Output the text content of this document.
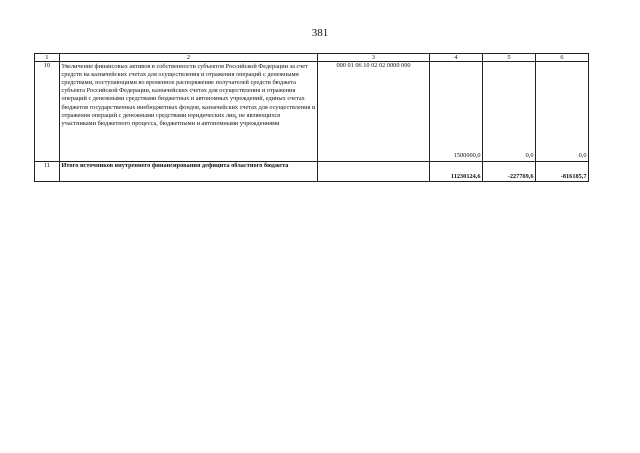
381
1	2	3	4	5	6
10	Увеличение финансовых активов в собственности субъектов Российской Федерации за счет средств на казначейских счетах для осуществления и отражения операций с денежными средствами, поступающими во временное распоряжение получателей средств бюджета субъекта Российской Федерации, казначейских счетах для осуществления и отражения операций с денежными средствами бюджетных и автономных учреждений, единых счетах бюджетов государственных внебюджетных фондов, казначейских счетах для осуществления и отражения операций с денежными средствами юридических лиц, не являющихся участниками бюджетного процесса, бюджетными и автономными учреждениями	000 01 06 10 02 02 0000 000	1500000,0	0,0	0,0
11	Итого источников внутреннего финансирования дефицита областного бюджета		11230124,6	-227769,6	-816185,7
